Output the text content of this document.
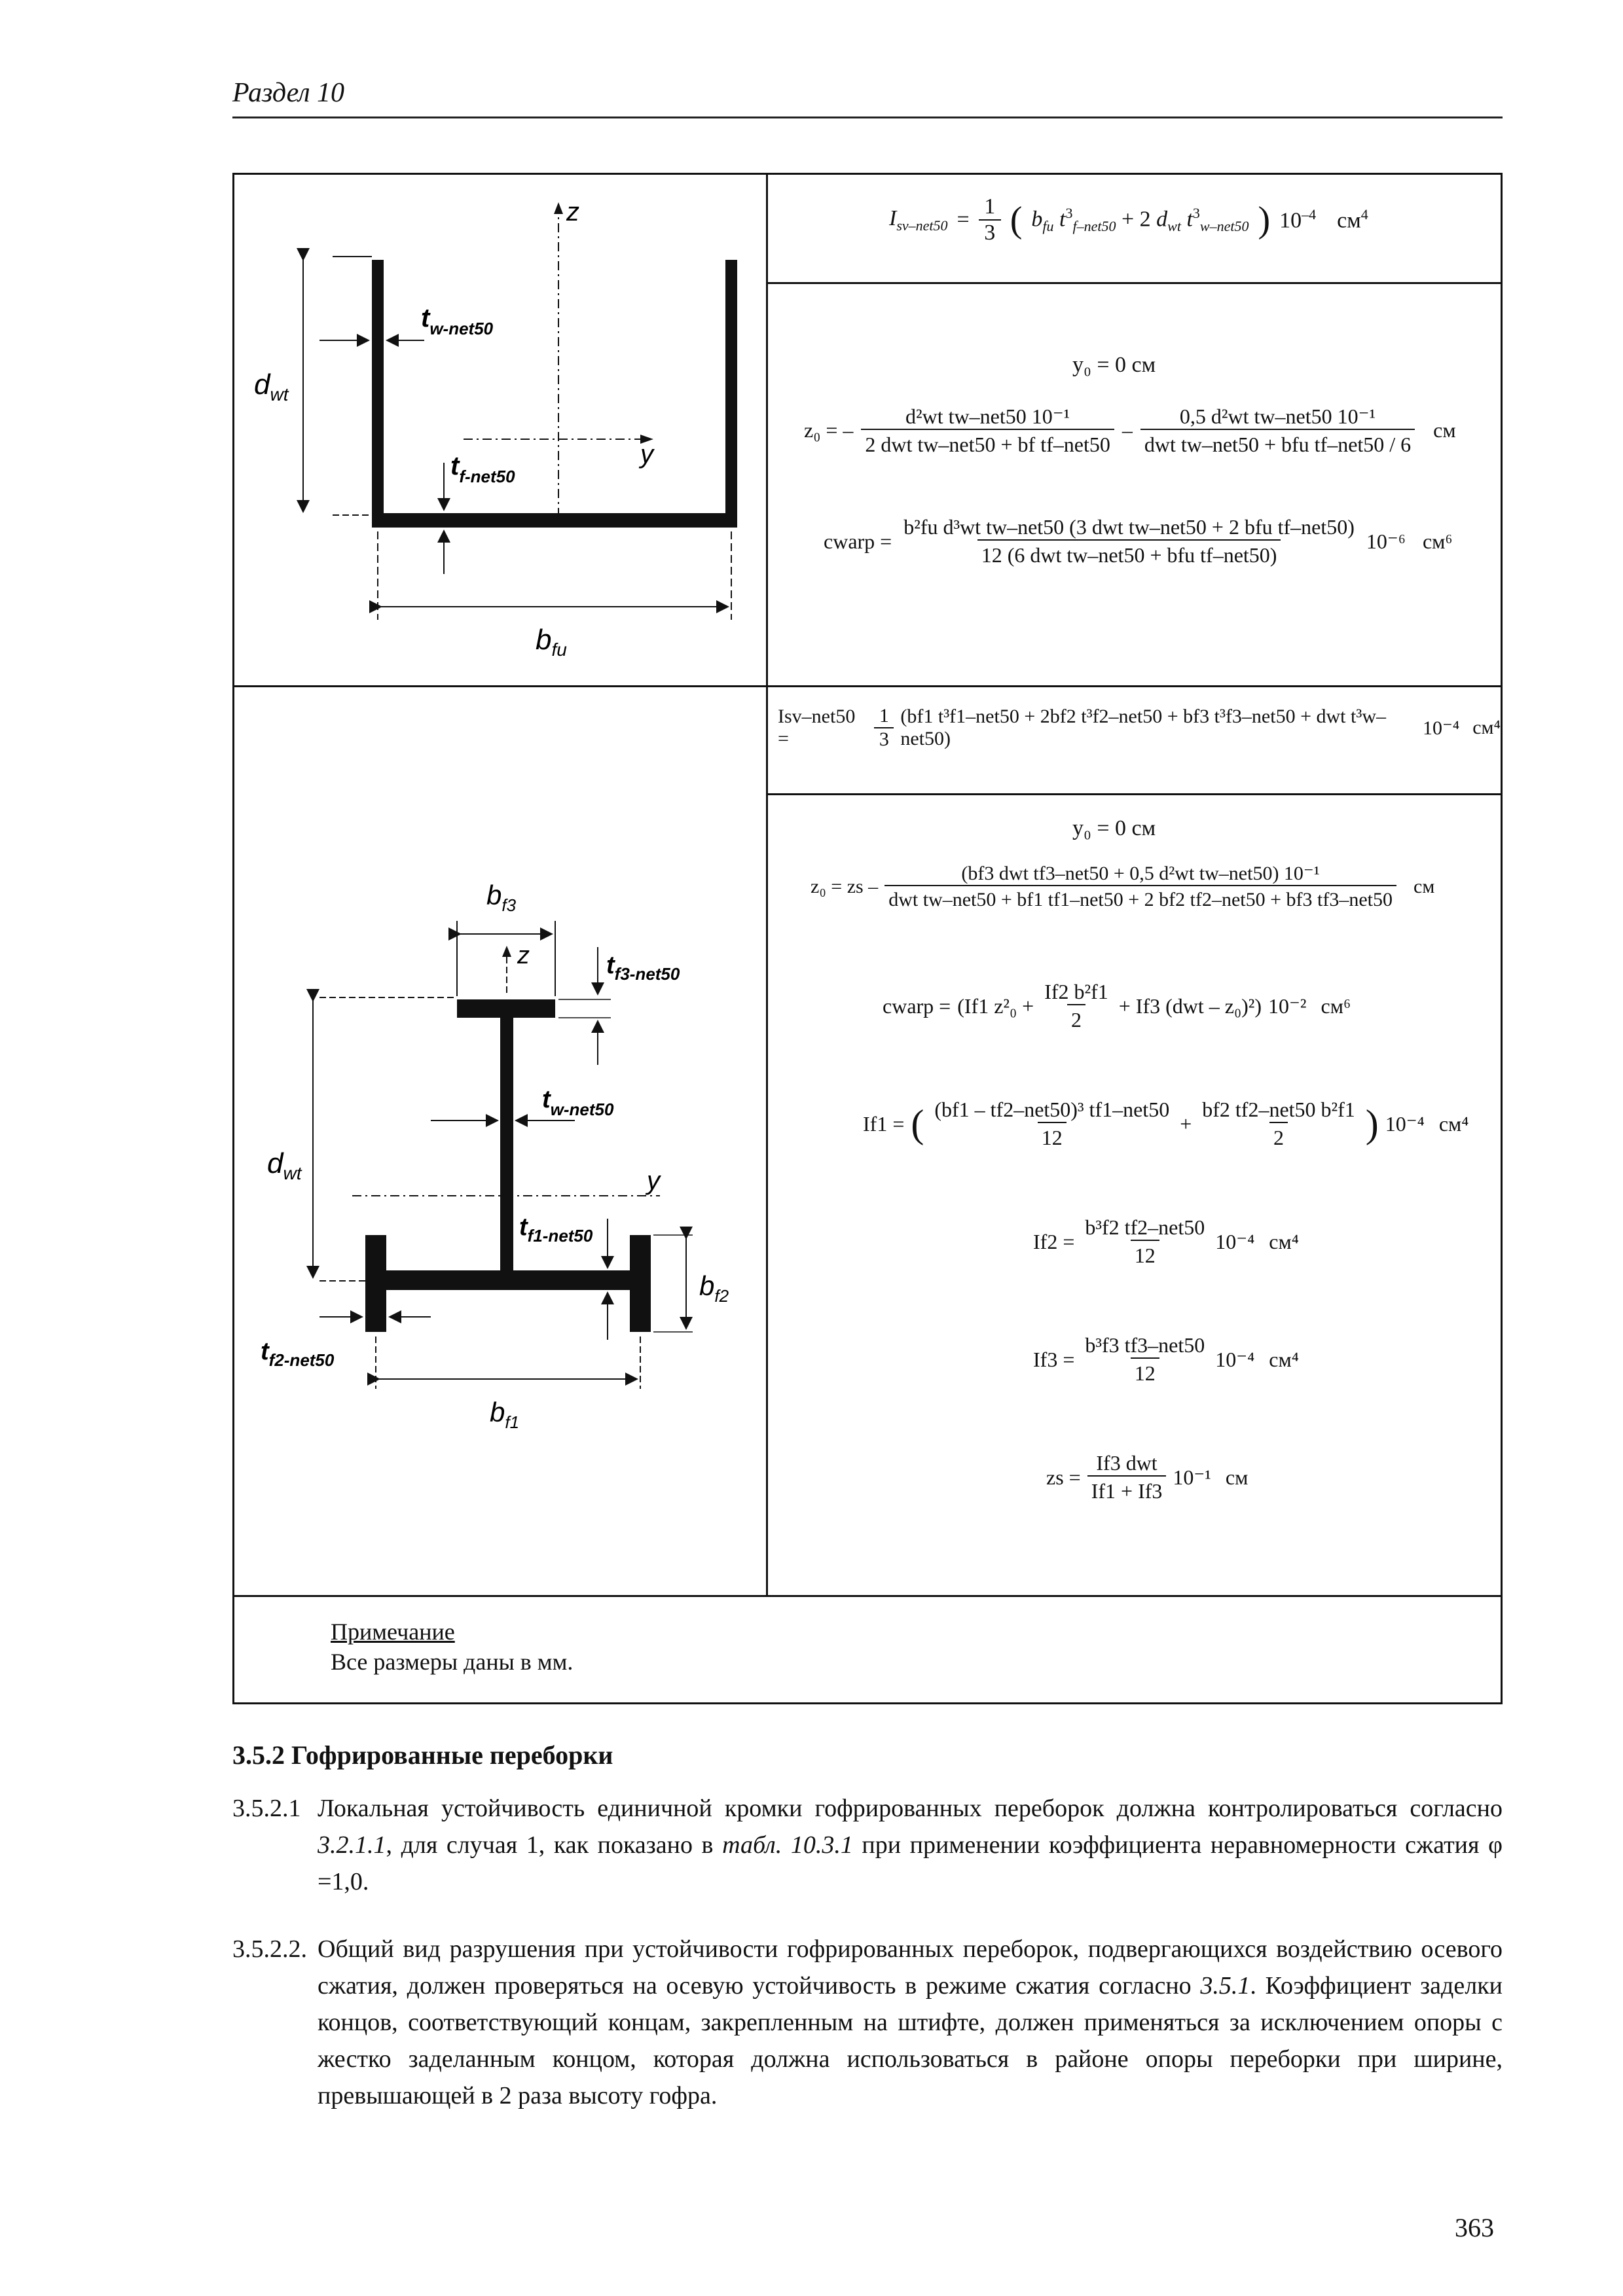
Раздел 10
z
y
$d_{wt}$
$t_{w-net50}$
$t_{f-net50}$
$b_{fu}$
$I_{sv-net50} = \frac{1}{3}$ ( $b_{fu}$ $t^3_{f-net50} + 2$ $d_{wt}$ $t^3_{w-net50}$ ) $10^{-4}$ $см^4$
y₀ = 0 см
z₀ = –
d²wt tw–net50 10⁻¹
2 dwt tw–net50 + bf tf–net50
–
0,5 d²wt tw–net50 10⁻¹
dwt tw–net50 + bfu tf–net50 / 6
см
cwarp =
b²fu d³wt tw–net50 (3 dwt tw–net50 + 2 bfu tf–net50)
12 (6 dwt tw–net50 + bfu tf–net50)
10⁻⁶ см⁶
z
y
$b_{f3}$
$t_{f3-net50}$
$d_{wt}$
$t_{w-net50}$
$t_{f1-net50}$
$b_{f2}$
$t_{f2-net50}$
$b_{f1}$
Isv–net50 =	$\frac{1}{3} (bf1$ t³f1–net50 + 2bf2 t³f2–net50 + bf3 t³f3–net50 + dwt t³w–net50)	10⁻⁴ см⁴
y₀ = 0 см
z₀ = zs –
(bf3 dwt tf3–net50 + 0,5 d²wt tw–net50) 10⁻¹
dwt tw–net50 + bf1 tf1–net50 + 2 bf2 tf2–net50 + bf3 tf3–net50
см
cwarp = (If1 $z^2_0 + \frac{\text{If2 b²f1}}{2} + If3$ (dwt – z₀)²) 10⁻² см⁶
If1 = ( (bf1 – tf2–net50)³ tf1–net50
12
+
bf2 tf2–net50 b²f1
2 ) 10⁻⁴ см⁴
If2 =
b³f2 tf2–net50
12
10⁻⁴ см⁴
If3 =
b³f3 tf3–net50
12
10⁻⁴ см⁴
zs =
If3 dwt
If1 + If3
10⁻¹ см
Примечание
Все размеры даны в мм.
3.5.2 Гофрированные переборки
3.5.2.1 Локальная устойчивость единичной кромки гофрированных переборок должна контролироваться согласно 3.2.1.1, для случая 1, как показано в табл. 10.3.1 при применении коэффициента неравномерности сжатия φ =1,0.
3.5.2.2. Общий вид разрушения при устойчивости гофрированных переборок, подвергающихся воздействию осевого сжатия, должен проверяться на осевую устойчивость в режиме сжатия согласно 3.5.1. Коэффициент заделки концов, соответствующий концам, закрепленным на штифте, должен применяться за исключением опоры с жестко заделанным концом, которая должна использоваться в районе опоры переборки при ширине, превышающей в 2 раза высоту гофра.
363
